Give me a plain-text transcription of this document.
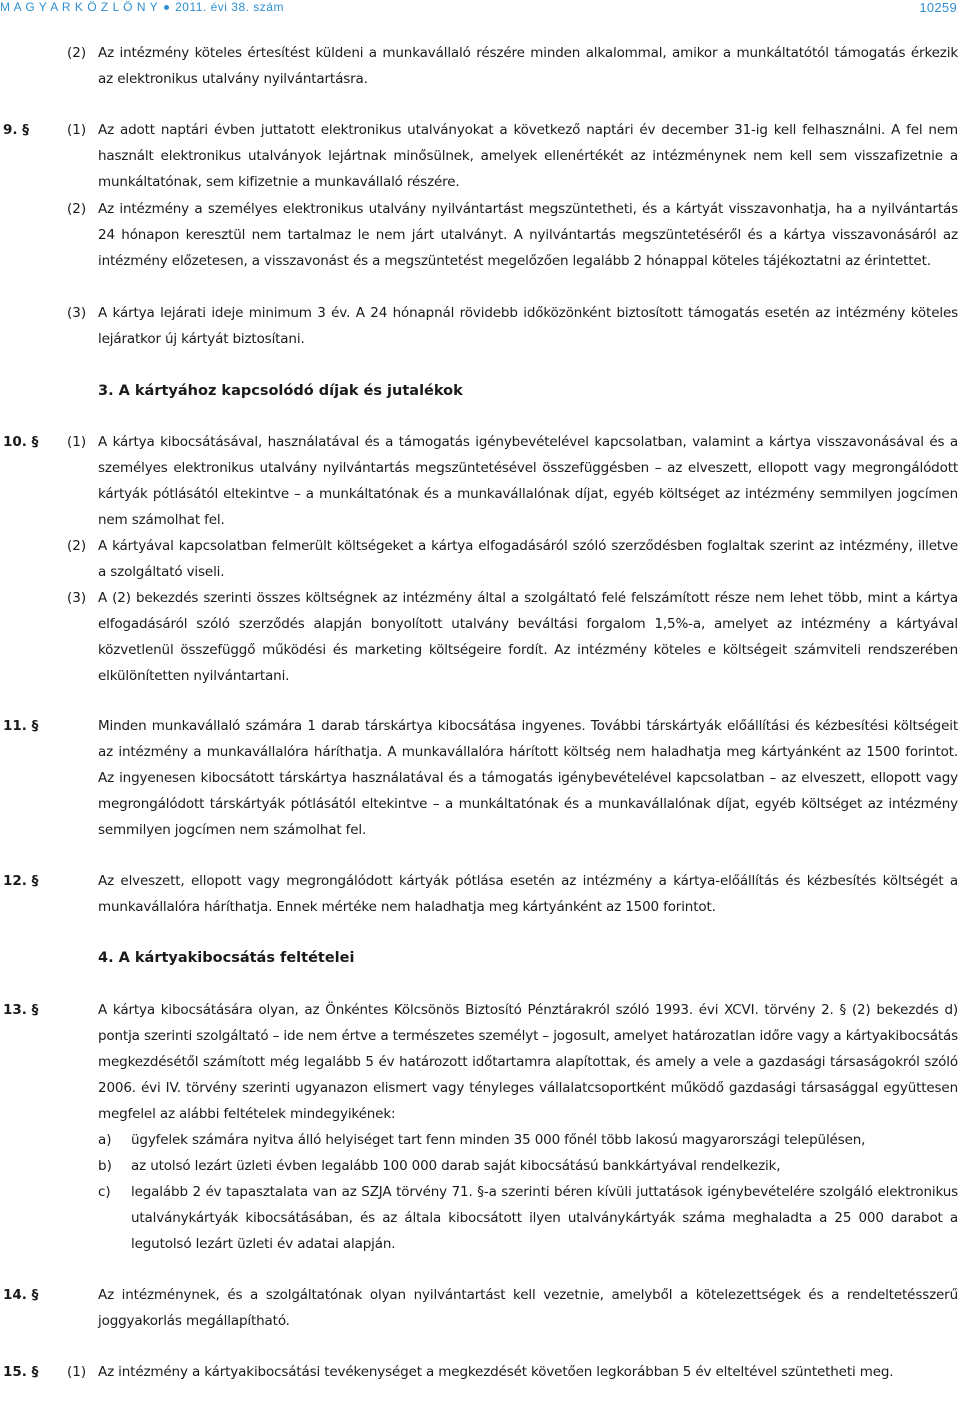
M A G Y A R K Ö Z L Ö N Y 2011. évi 38. szám	10259
(2) Az intézmény köteles értesítést küldeni a munkavállaló részére minden alkalommal, amikor a munkáltatótól támogatás érkezik az elektronikus utalvány nyilvántartásra.
9. §	(1) Az adott naptári évben juttatott elektronikus utalványokat a következő naptári év december 31-ig kell felhasználni. A fel nem használt elektronikus utalványok lejártnak minősülnek, amelyek ellenértékét az intézménynek nem kell sem visszafizetnie a munkáltatónak, sem kifizetnie a munkavállaló részére.
(2) Az intézmény a személyes elektronikus utalvány nyilvántartást megszüntetheti, és a kártyát visszavonhatja, ha a nyilvántartás 24 hónapon keresztül nem tartalmaz le nem járt utalványt. A nyilvántartás megszüntetéséről és a kártya visszavonásáról az intézmény előzetesen, a visszavonást és a megszüntetést megelőzően legalább 2 hónappal köteles tájékoztatni az érintettet.
(3) A kártya lejárati ideje minimum 3 év. A 24 hónapnál rövidebb időközönként biztosított támogatás esetén az intézmény köteles lejáratkor új kártyát biztosítani.
3. A kártyához kapcsolódó díjak és jutalékok
10. § (1) A kártya kibocsátásával, használatával és a támogatás igénybevételével kapcsolatban, valamint a kártya visszavonásával és a személyes elektronikus utalvány nyilvántartás megszüntetésével összefüggésben – az elveszett, ellopott vagy megrongálódott kártyák pótlásától eltekintve – a munkáltatónak és a munkavállalónak díjat, egyéb költséget az intézmény semmilyen jogcímen nem számolhat fel.
(2) A kártyával kapcsolatban felmerült költségeket a kártya elfogadásáról szóló szerződésben foglaltak szerint az intézmény, illetve a szolgáltató viseli.
(3) A (2) bekezdés szerinti összes költségnek az intézmény által a szolgáltató felé felszámított része nem lehet több, mint a kártya elfogadásáról szóló szerződés alapján bonyolított utalvány beváltási forgalom 1,5%-a, amelyet az intézmény a kártyával közvetlenül összefüggő működési és marketing költségeire fordít. Az intézmény köteles e költségeit számviteli rendszerében elkülönítetten nyilvántartani.
11. §	Minden munkavállaló számára 1 darab társkártya kibocsátása ingyenes. További társkártyák előállítási és kézbesítési költségeit az intézmény a munkavállalóra háríthatja. A munkavállalóra hárított költség nem haladhatja meg kártyánként az 1500 forintot. Az ingyenesen kibocsátott társkártya használatával és a támogatás igénybevételével kapcsolatban – az elveszett, ellopott vagy megrongálódott társkártyák pótlásától eltekintve – a munkáltatónak és a munkavállalónak díjat, egyéb költséget az intézmény semmilyen jogcímen nem számolhat fel.
12. §	Az elveszett, ellopott vagy megrongálódott kártyák pótlása esetén az intézmény a kártya-előállítás és kézbesítés költségét a munkavállalóra háríthatja. Ennek mértéke nem haladhatja meg kártyánként az 1500 forintot.
4. A kártyakibocsátás feltételei
13. §	A kártya kibocsátására olyan, az Önkéntes Kölcsönös Biztosító Pénztárakról szóló 1993. évi XCVI. törvény 2. § (2) bekezdés d) pontja szerinti szolgáltató – ide nem értve a természetes személyt – jogosult, amelyet határozatlan időre vagy a kártyakibocsátás megkezdésétől számított még legalább 5 év határozott időtartamra alapítottak, és amely a vele a gazdasági társaságokról szóló 2006. évi IV. törvény szerinti ugyanazon elismert vagy tényleges vállalatcsoportként működő gazdasági társasággal együttesen megfelel az alábbi feltételek mindegyikének:
a) ügyfelek számára nyitva álló helyiséget tart fenn minden 35 000 főnél több lakosú magyarországi településen,
b) az utolsó lezárt üzleti évben legalább 100 000 darab saját kibocsátású bankkártyával rendelkezik,
c) legalább 2 év tapasztalata van az SZJA törvény 71. §-a szerinti béren kívüli juttatások igénybevételére szolgáló elektronikus utalványkártyák kibocsátásában, és az általa kibocsátott ilyen utalványkártyák száma meghaladta a 25 000 darabot a legutolsó lezárt üzleti év adatai alapján.
14. §	Az intézménynek, és a szolgáltatónak olyan nyilvántartást kell vezetnie, amelyből a kötelezettségek és a rendeltetésszerű joggyakorlás megállapítható.
15. § (1) Az intézmény a kártyakibocsátási tevékenységet a megkezdését követően legkorábban 5 év elteltével szüntetheti meg.
